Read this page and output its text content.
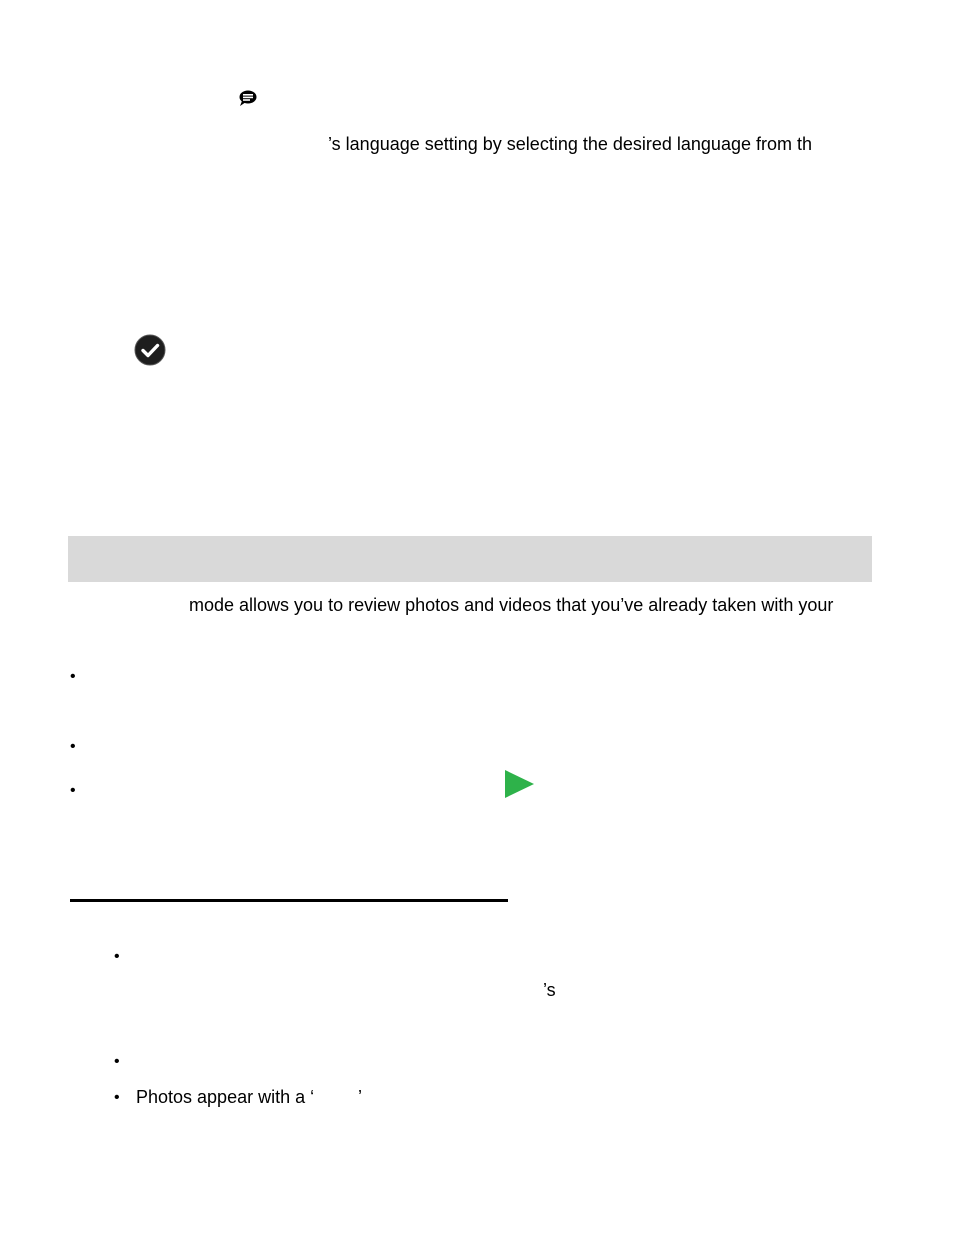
’s language setting by selecting the desired language from th
mode allows you to review photos and videos that you’ve already taken with your
•
•
•
•
’s
•
• Photos appear with a ‘ ’
